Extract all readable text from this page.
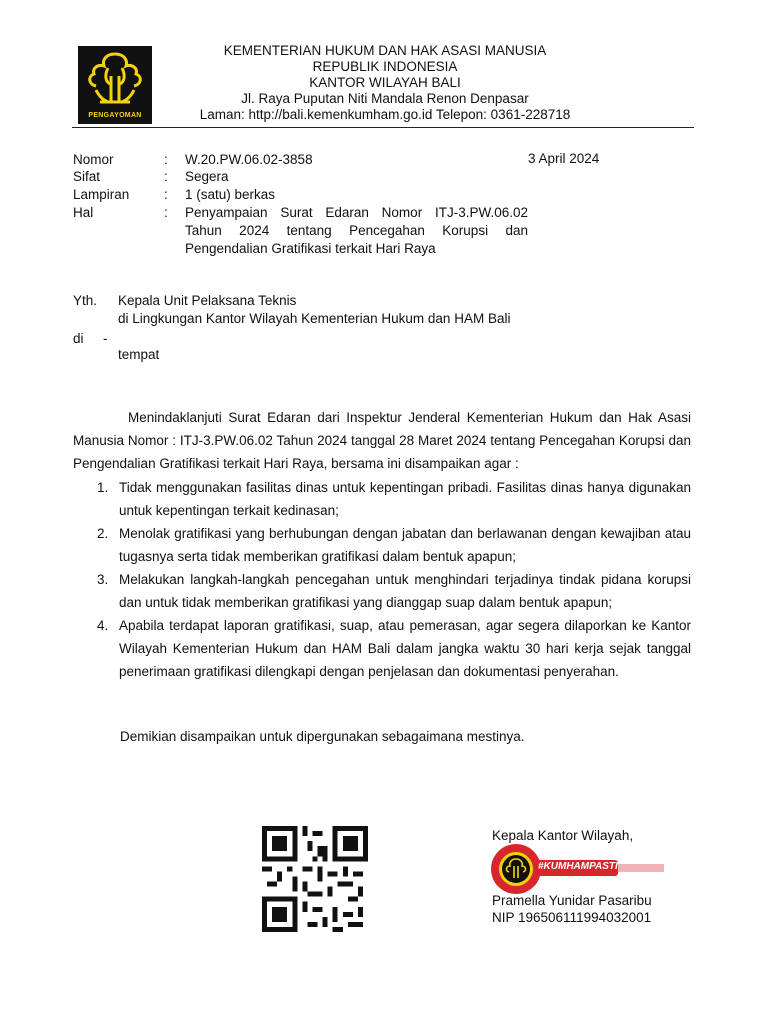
PENGAYOMAN
KEMENTERIAN HUKUM DAN HAK ASASI MANUSIA
REPUBLIK INDONESIA
KANTOR WILAYAH BALI
Jl. Raya Puputan Niti Mandala Renon Denpasar
Laman: http://bali.kemenkumham.go.id Telepon: 0361-228718
Nomor	: W.20.PW.06.02-3858	3 April 2024
Sifat	: Segera
Lampiran	: 1 (satu) berkas
Hal	: Penyampaian Surat Edaran Nomor ITJ-3.PW.06.02 Tahun 2024 tentang Pencegahan Korupsi dan Pengendalian Gratifikasi terkait Hari Raya
Yth. Kepala Unit Pelaksana Teknis
di Lingkungan Kantor Wilayah Kementerian Hukum dan HAM Bali
di -
tempat
Menindaklanjuti Surat Edaran dari Inspektur Jenderal Kementerian Hukum dan Hak Asasi Manusia Nomor : ITJ-3.PW.06.02 Tahun 2024 tanggal 28 Maret 2024 tentang Pencegahan Korupsi dan Pengendalian Gratifikasi terkait Hari Raya, bersama ini disampaikan agar :
1. Tidak menggunakan fasilitas dinas untuk kepentingan pribadi. Fasilitas dinas hanya digunakan untuk kepentingan terkait kedinasan;
2. Menolak gratifikasi yang berhubungan dengan jabatan dan berlawanan dengan kewajiban atau tugasnya serta tidak memberikan gratifikasi dalam bentuk apapun;
3. Melakukan langkah-langkah pencegahan untuk menghindari terjadinya tindak pidana korupsi dan untuk tidak memberikan gratifikasi yang dianggap suap dalam bentuk apapun;
4. Apabila terdapat laporan gratifikasi, suap, atau pemerasan, agar segera dilaporkan ke Kantor Wilayah Kementerian Hukum dan HAM Bali dalam jangka waktu 30 hari kerja sejak tanggal penerimaan gratifikasi dilengkapi dengan penjelasan dan dokumentasi penyerahan.
Demikian disampaikan untuk dipergunakan sebagaimana mestinya.
Kepala Kantor Wilayah,
#KUMHAMPASTI
Pramella Yunidar Pasaribu
NIP 196506111994032001
